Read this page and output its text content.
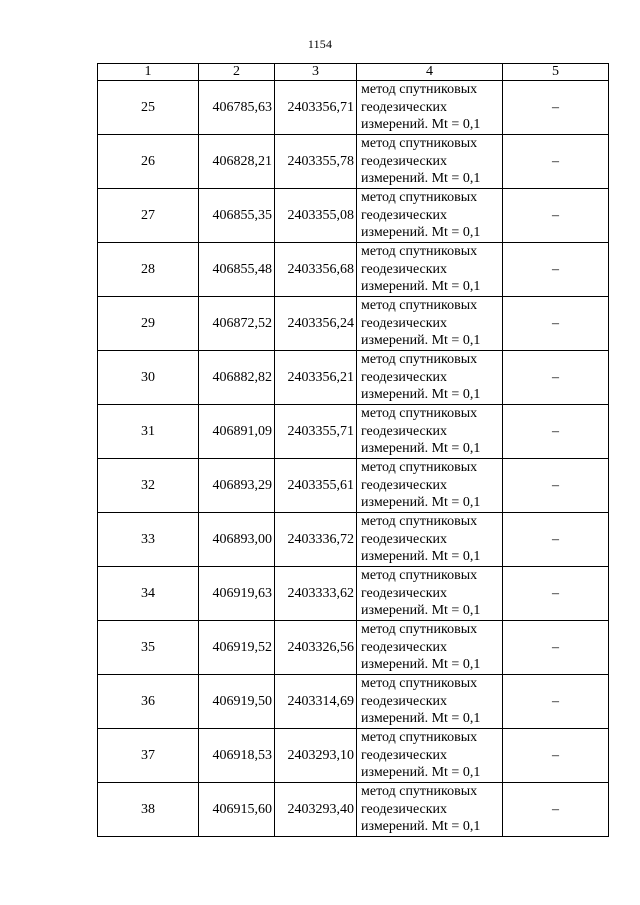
1154
1	2	3	4	5
25	406785,63	2403356,71	метод спутниковых
геодезических
измерений. Mt = 0,1	–
26	406828,21	2403355,78	метод спутниковых
геодезических
измерений. Mt = 0,1	–
27	406855,35	2403355,08	метод спутниковых
геодезических
измерений. Mt = 0,1	–
28	406855,48	2403356,68	метод спутниковых
геодезических
измерений. Mt = 0,1	–
29	406872,52	2403356,24	метод спутниковых
геодезических
измерений. Mt = 0,1	–
30	406882,82	2403356,21	метод спутниковых
геодезических
измерений. Mt = 0,1	–
31	406891,09	2403355,71	метод спутниковых
геодезических
измерений. Mt = 0,1	–
32	406893,29	2403355,61	метод спутниковых
геодезических
измерений. Mt = 0,1	–
33	406893,00	2403336,72	метод спутниковых
геодезических
измерений. Mt = 0,1	–
34	406919,63	2403333,62	метод спутниковых
геодезических
измерений. Mt = 0,1	–
35	406919,52	2403326,56	метод спутниковых
геодезических
измерений. Mt = 0,1	–
36	406919,50	2403314,69	метод спутниковых
геодезических
измерений. Mt = 0,1	–
37	406918,53	2403293,10	метод спутниковых
геодезических
измерений. Mt = 0,1	–
38	406915,60	2403293,40	метод спутниковых
геодезических
измерений. Mt = 0,1	–
